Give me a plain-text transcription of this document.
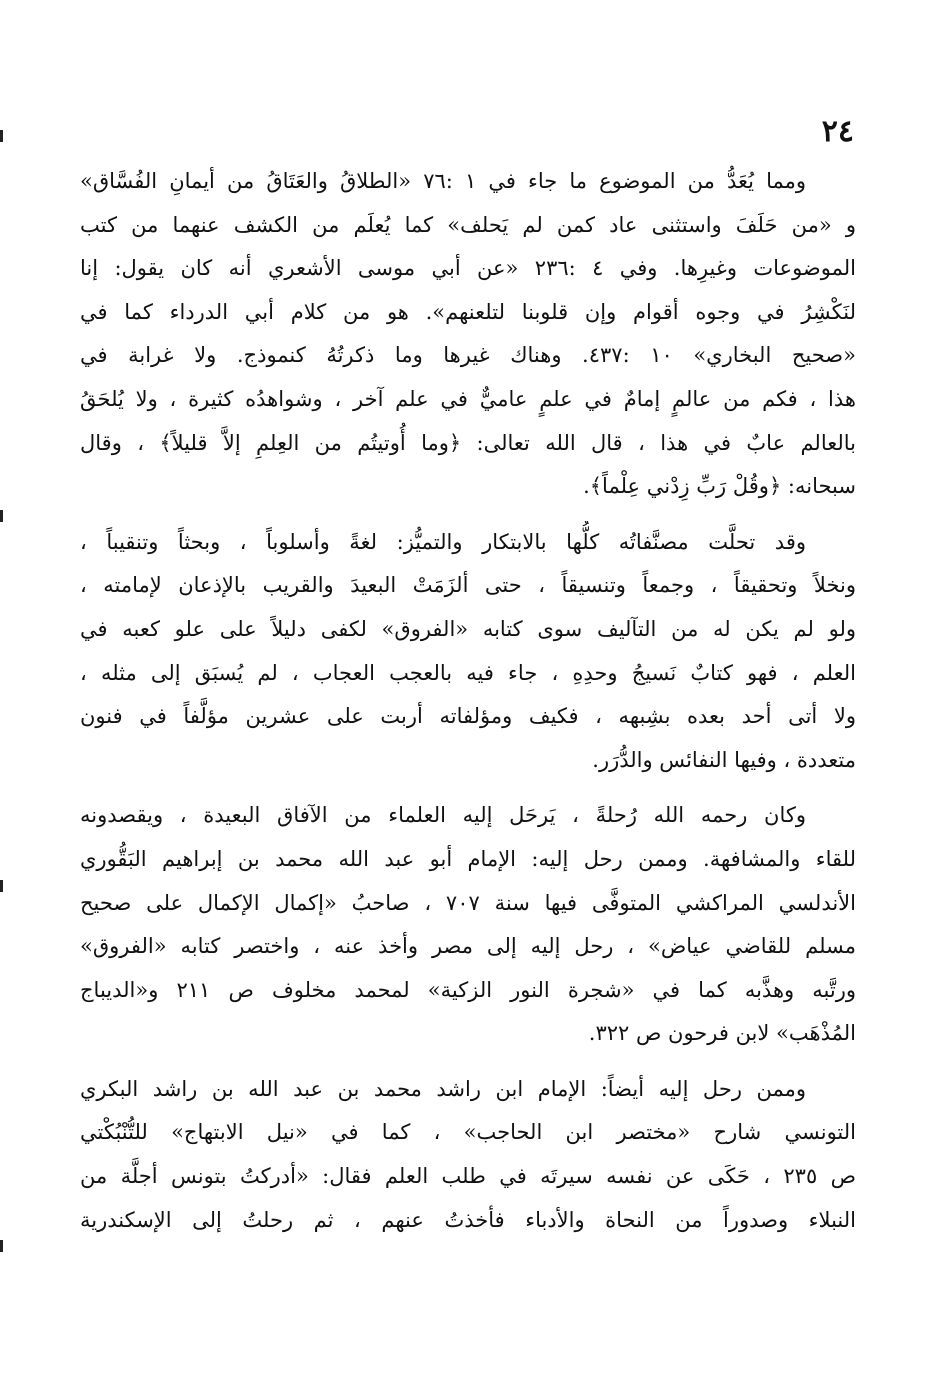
٢٤
ومما يُعَدُّ من الموضوع ما جاء في ١ :٧٦ «الطلاقُ والعَتَاقُ من أيمانِ الفُسَّاق»
و «من حَلَفَ واستثنى عاد كمن لم يَحلف» كما يُعلَم من الكشف عنهما من كتب
الموضوعات وغيرِها. وفي ٤ :٢٣٦ «عن أبي موسى الأشعري أنه كان يقول: إنا
لنَكْشِرُ في وجوه أقوام وإن قلوبنا لتلعنهم». هو من كلام أبي الدرداء كما في
«صحيح البخاري» ١٠ :٤٣٧. وهناك غيرها وما ذكرتُهُ كنموذج. ولا غرابة في
هذا ، فكم من عالمٍ إمامٌ في علمٍ عاميٌّ في علم آخر ، وشواهدُه كثيرة ، ولا يُلحَقُ
بالعالم عابٌ في هذا ، قال الله تعالى: ﴿وما أُوتيتُم من العِلمِ إلاَّ قليلاً﴾ ، وقال
سبحانه: ﴿وقُلْ رَبِّ زِدْني عِلْماً﴾.
وقد تحلَّت مصنَّفاتُه كلُّها بالابتكار والتميُّز: لغةً وأسلوباً ، وبحثاً وتنقيباً ،
ونخلاً وتحقيقاً ، وجمعاً وتنسيقاً ، حتى ألزَمَتْ البعيدَ والقريب بالإذعان لإمامته ،
ولو لم يكن له من التآليف سوى كتابه «الفروق» لكفى دليلاً على علو كعبه في
العلم ، فهو كتابٌ نَسيجُ وحدِهِ ، جاء فيه بالعجب العجاب ، لم يُسبَق إلى مثله ،
ولا أتى أحد بعده بشِبهه ، فكيف ومؤلفاته أربت على عشرين مؤلَّفاً في فنون
متعددة ، وفيها النفائس والدُّرَر.
وكان رحمه الله رُحلةً ، يَرحَل إليه العلماء من الآفاق البعيدة ، ويقصدونه
للقاء والمشافهة. وممن رحل إليه: الإمام أبو عبد الله محمد بن إبراهيم البَقُّوري
الأندلسي المراكشي المتوفَّى فيها سنة ٧٠٧ ، صاحبُ «إكمال الإكمال على صحيح
مسلم للقاضي عياض» ، رحل إليه إلى مصر وأخذ عنه ، واختصر كتابه «الفروق»
ورتَّبه وهذَّبه كما في «شجرة النور الزكية» لمحمد مخلوف ص ٢١١ و«الديباج
المُذْهَب» لابن فرحون ص ٣٢٢.
وممن رحل إليه أيضاً: الإمام ابن راشد محمد بن عبد الله بن راشد البكري
التونسي شارح «مختصر ابن الحاجب» ، كما في «نيل الابتهاج» للتُّنْبُكْتي
ص ٢٣٥ ، حَكَى عن نفسه سيرتَه في طلب العلم فقال: «أدركتُ بتونس أجلَّة من
النبلاء وصدوراً من النحاة والأدباء فأخذتُ عنهم ، ثم رحلتُ إلى الإسكندرية
